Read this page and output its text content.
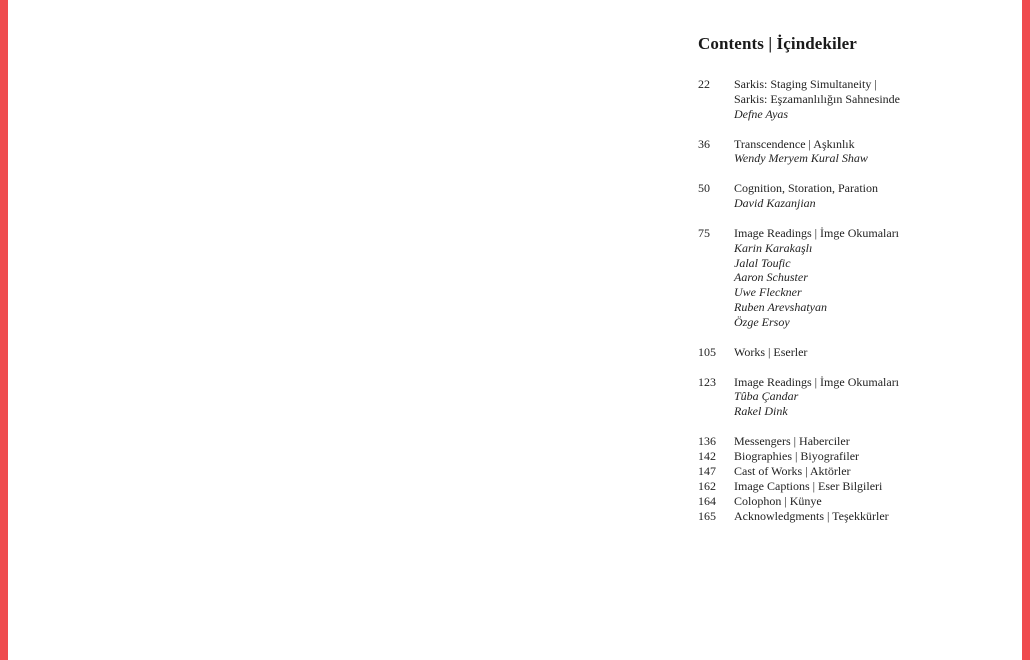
Contents | İçindekiler
22	Sarkis: Staging Simultaneity |
Sarkis: Eşzamanlılığın Sahnesinde
Defne Ayas
36	Transcendence | Aşkınlık
Wendy Meryem Kural Shaw
50	Cognition, Storation, Paration
David Kazanjian
75	Image Readings | İmge Okumaları
Karin Karakaşlı
Jalal Toufic
Aaron Schuster
Uwe Fleckner
Ruben Arevshatyan
Özge Ersoy
105	Works | Eserler
123	Image Readings | İmge Okumaları
Tûba Çandar
Rakel Dink
136	Messengers | Haberciler
142	Biographies | Biyografiler
147	Cast of Works | Aktörler
162	Image Captions | Eser Bilgileri
164	Colophon | Künye
165	Acknowledgments | Teşekkürler
